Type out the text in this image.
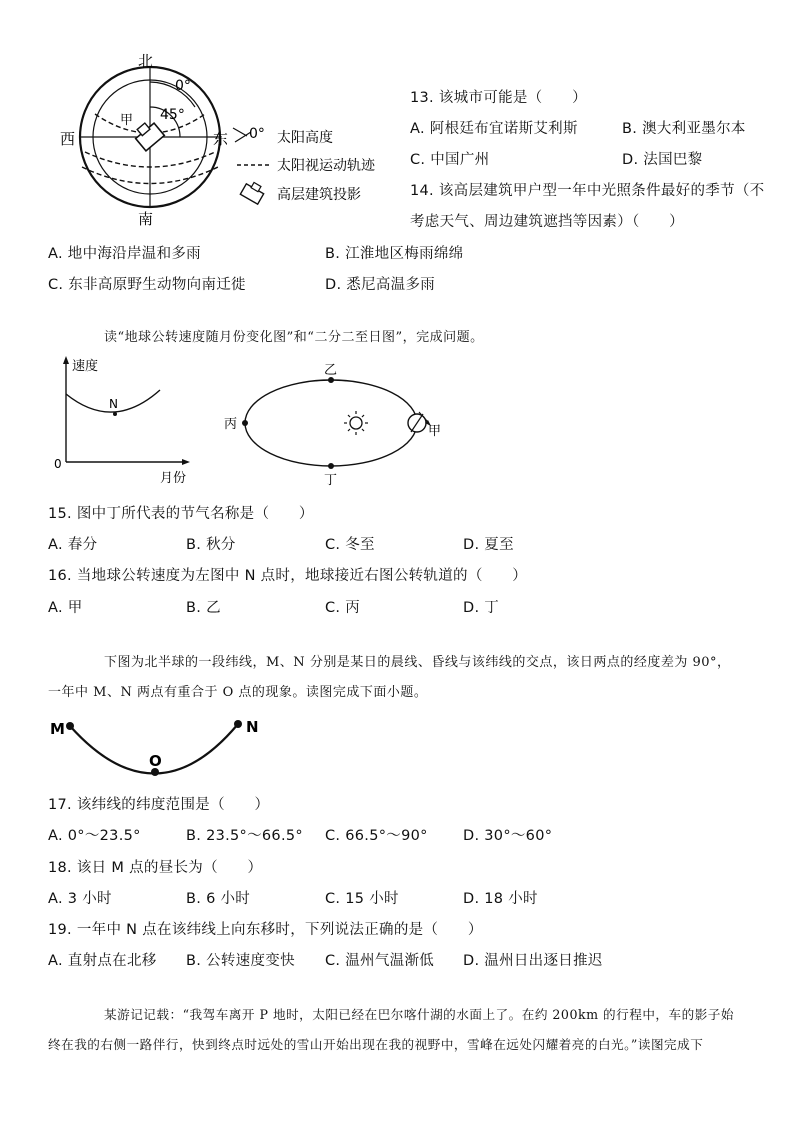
北
南
西	东
0°
45°
甲
0° 太阳高度
太阳视运动轨迹
高层建筑投影
13. 该城市可能是（　　）
A. 阿根廷布宜诺斯艾利斯	B. 澳大利亚墨尔本
C. 中国广州	D. 法国巴黎
14. 该高层建筑甲户型一年中光照条件最好的季节（不
考虑天气、周边建筑遮挡等因素）（　　）
A. 地中海沿岸温和多雨	B. 江淮地区梅雨绵绵
C. 东非高原野生动物向南迁徙	D. 悉尼高温多雨
读“地球公转速度随月份变化图”和“二分二至日图”，完成问题。
速度
N
0
月份
乙
丙
丁
甲
15. 图中丁所代表的节气名称是（　　）
A. 春分	B. 秋分	C. 冬至	D. 夏至
16. 当地球公转速度为左图中 N 点时，地球接近右图公转轨道的（　　）
A. 甲	B. 乙	C. 丙	D. 丁
下图为北半球的一段纬线，M、N 分别是某日的晨线、昏线与该纬线的交点，该日两点的经度差为 90°，
一年中 M、N 两点有重合于 O 点的现象。读图完成下面小题。
M	N
O
17. 该纬线的纬度范围是（　　）
A. 0°～23.5°	B. 23.5°～66.5° C. 66.5°～90° D. 30°～60°
18. 该日 M 点的昼长为（　　）
A. 3 小时	B. 6 小时	C. 15 小时	D. 18 小时
19. 一年中 N 点在该纬线上向东移时，下列说法正确的是（　　）
A. 直射点在北移 B. 公转速度变快 C. 温州气温渐低 D. 温州日出逐日推迟
某游记记载：“我驾车离开 P 地时，太阳已经在巴尔喀什湖的水面上了。在约 200km 的行程中，车的影子始
终在我的右侧一路伴行，快到终点时远处的雪山开始出现在我的视野中，雪峰在远处闪耀着亮的白光。”读图完成下
